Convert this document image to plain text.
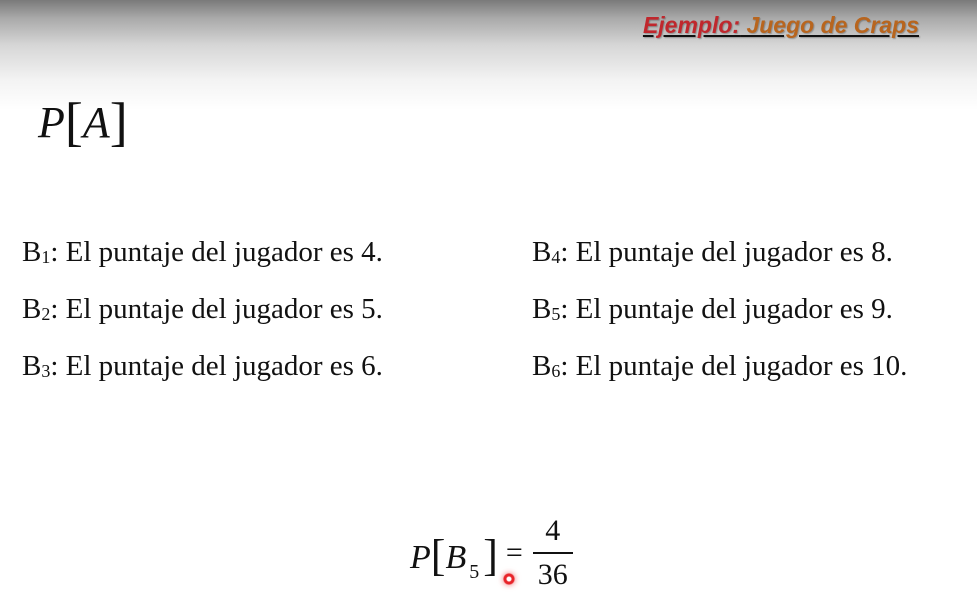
Ejemplo: Juego de Craps
P[A]
B1: El puntaje del jugador es 4.
B2: El puntaje del jugador es 5.
B3: El puntaje del jugador es 6.
B4: El puntaje del jugador es 8.
B5: El puntaje del jugador es 9.
B6: El puntaje del jugador es 10.
P[B $_5] = \frac{4}{36}$
